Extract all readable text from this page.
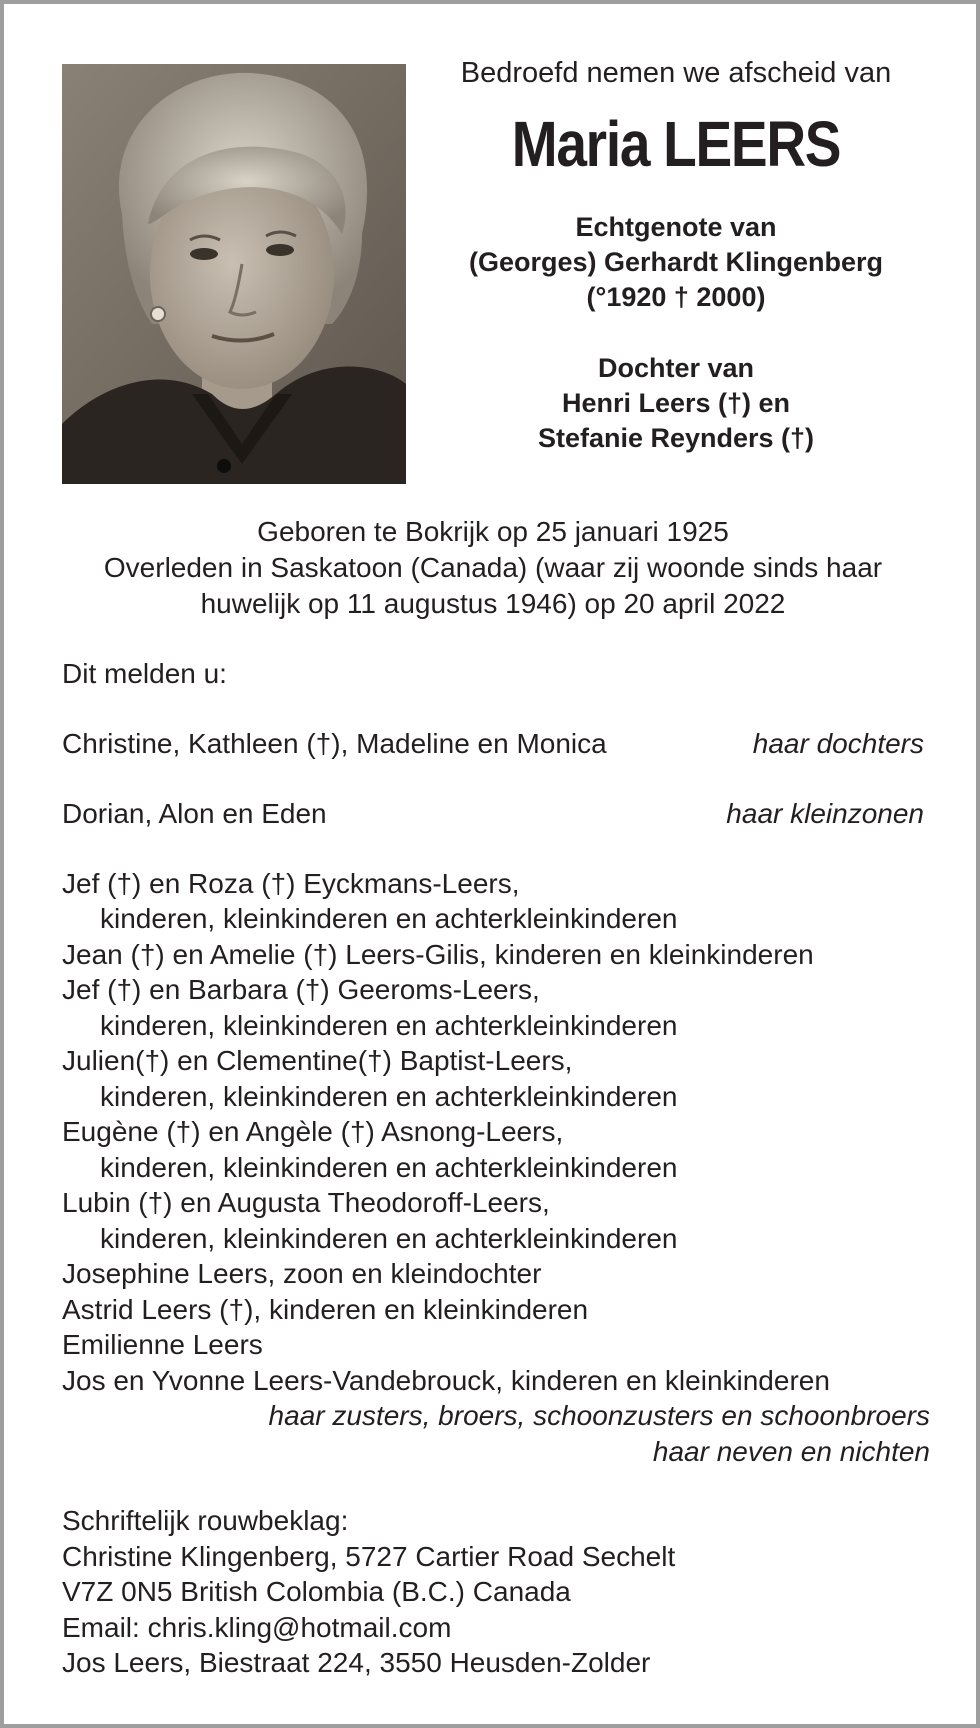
Bedroefd nemen we afscheid van
Maria LEERS
Echtgenote van
(Georges) Gerhardt Klingenberg
(°1920 † 2000)
Dochter van
Henri Leers (†) en
Stefanie Reynders (†)
Geboren te Bokrijk op 25 januari 1925
Overleden in Saskatoon (Canada) (waar zij woonde sinds haar
huwelijk op 11 augustus 1946) op 20 april 2022
Dit melden u:
Christine, Kathleen (†), Madeline en Monica	haar dochters
Dorian, Alon en Eden	haar kleinzonen
Jef (†) en Roza (†) Eyckmans-Leers,
kinderen, kleinkinderen en achterkleinkinderen
Jean (†) en Amelie (†) Leers-Gilis, kinderen en kleinkinderen
Jef (†) en Barbara (†) Geeroms-Leers,
kinderen, kleinkinderen en achterkleinkinderen
Julien(†) en Clementine(†) Baptist-Leers,
kinderen, kleinkinderen en achterkleinkinderen
Eugène (†) en Angèle (†) Asnong-Leers,
kinderen, kleinkinderen en achterkleinkinderen
Lubin (†) en Augusta Theodoroff-Leers,
kinderen, kleinkinderen en achterkleinkinderen
Josephine Leers, zoon en kleindochter
Astrid Leers (†), kinderen en kleinkinderen
Emilienne Leers
Jos en Yvonne Leers-Vandebrouck, kinderen en kleinkinderen
haar zusters, broers, schoonzusters en schoonbroers
haar neven en nichten
Schriftelijk rouwbeklag:
Christine Klingenberg, 5727 Cartier Road Sechelt
V7Z 0N5 British Colombia (B.C.) Canada
Email: chris.kling@hotmail.com
Jos Leers, Biestraat 224, 3550 Heusden-Zolder
